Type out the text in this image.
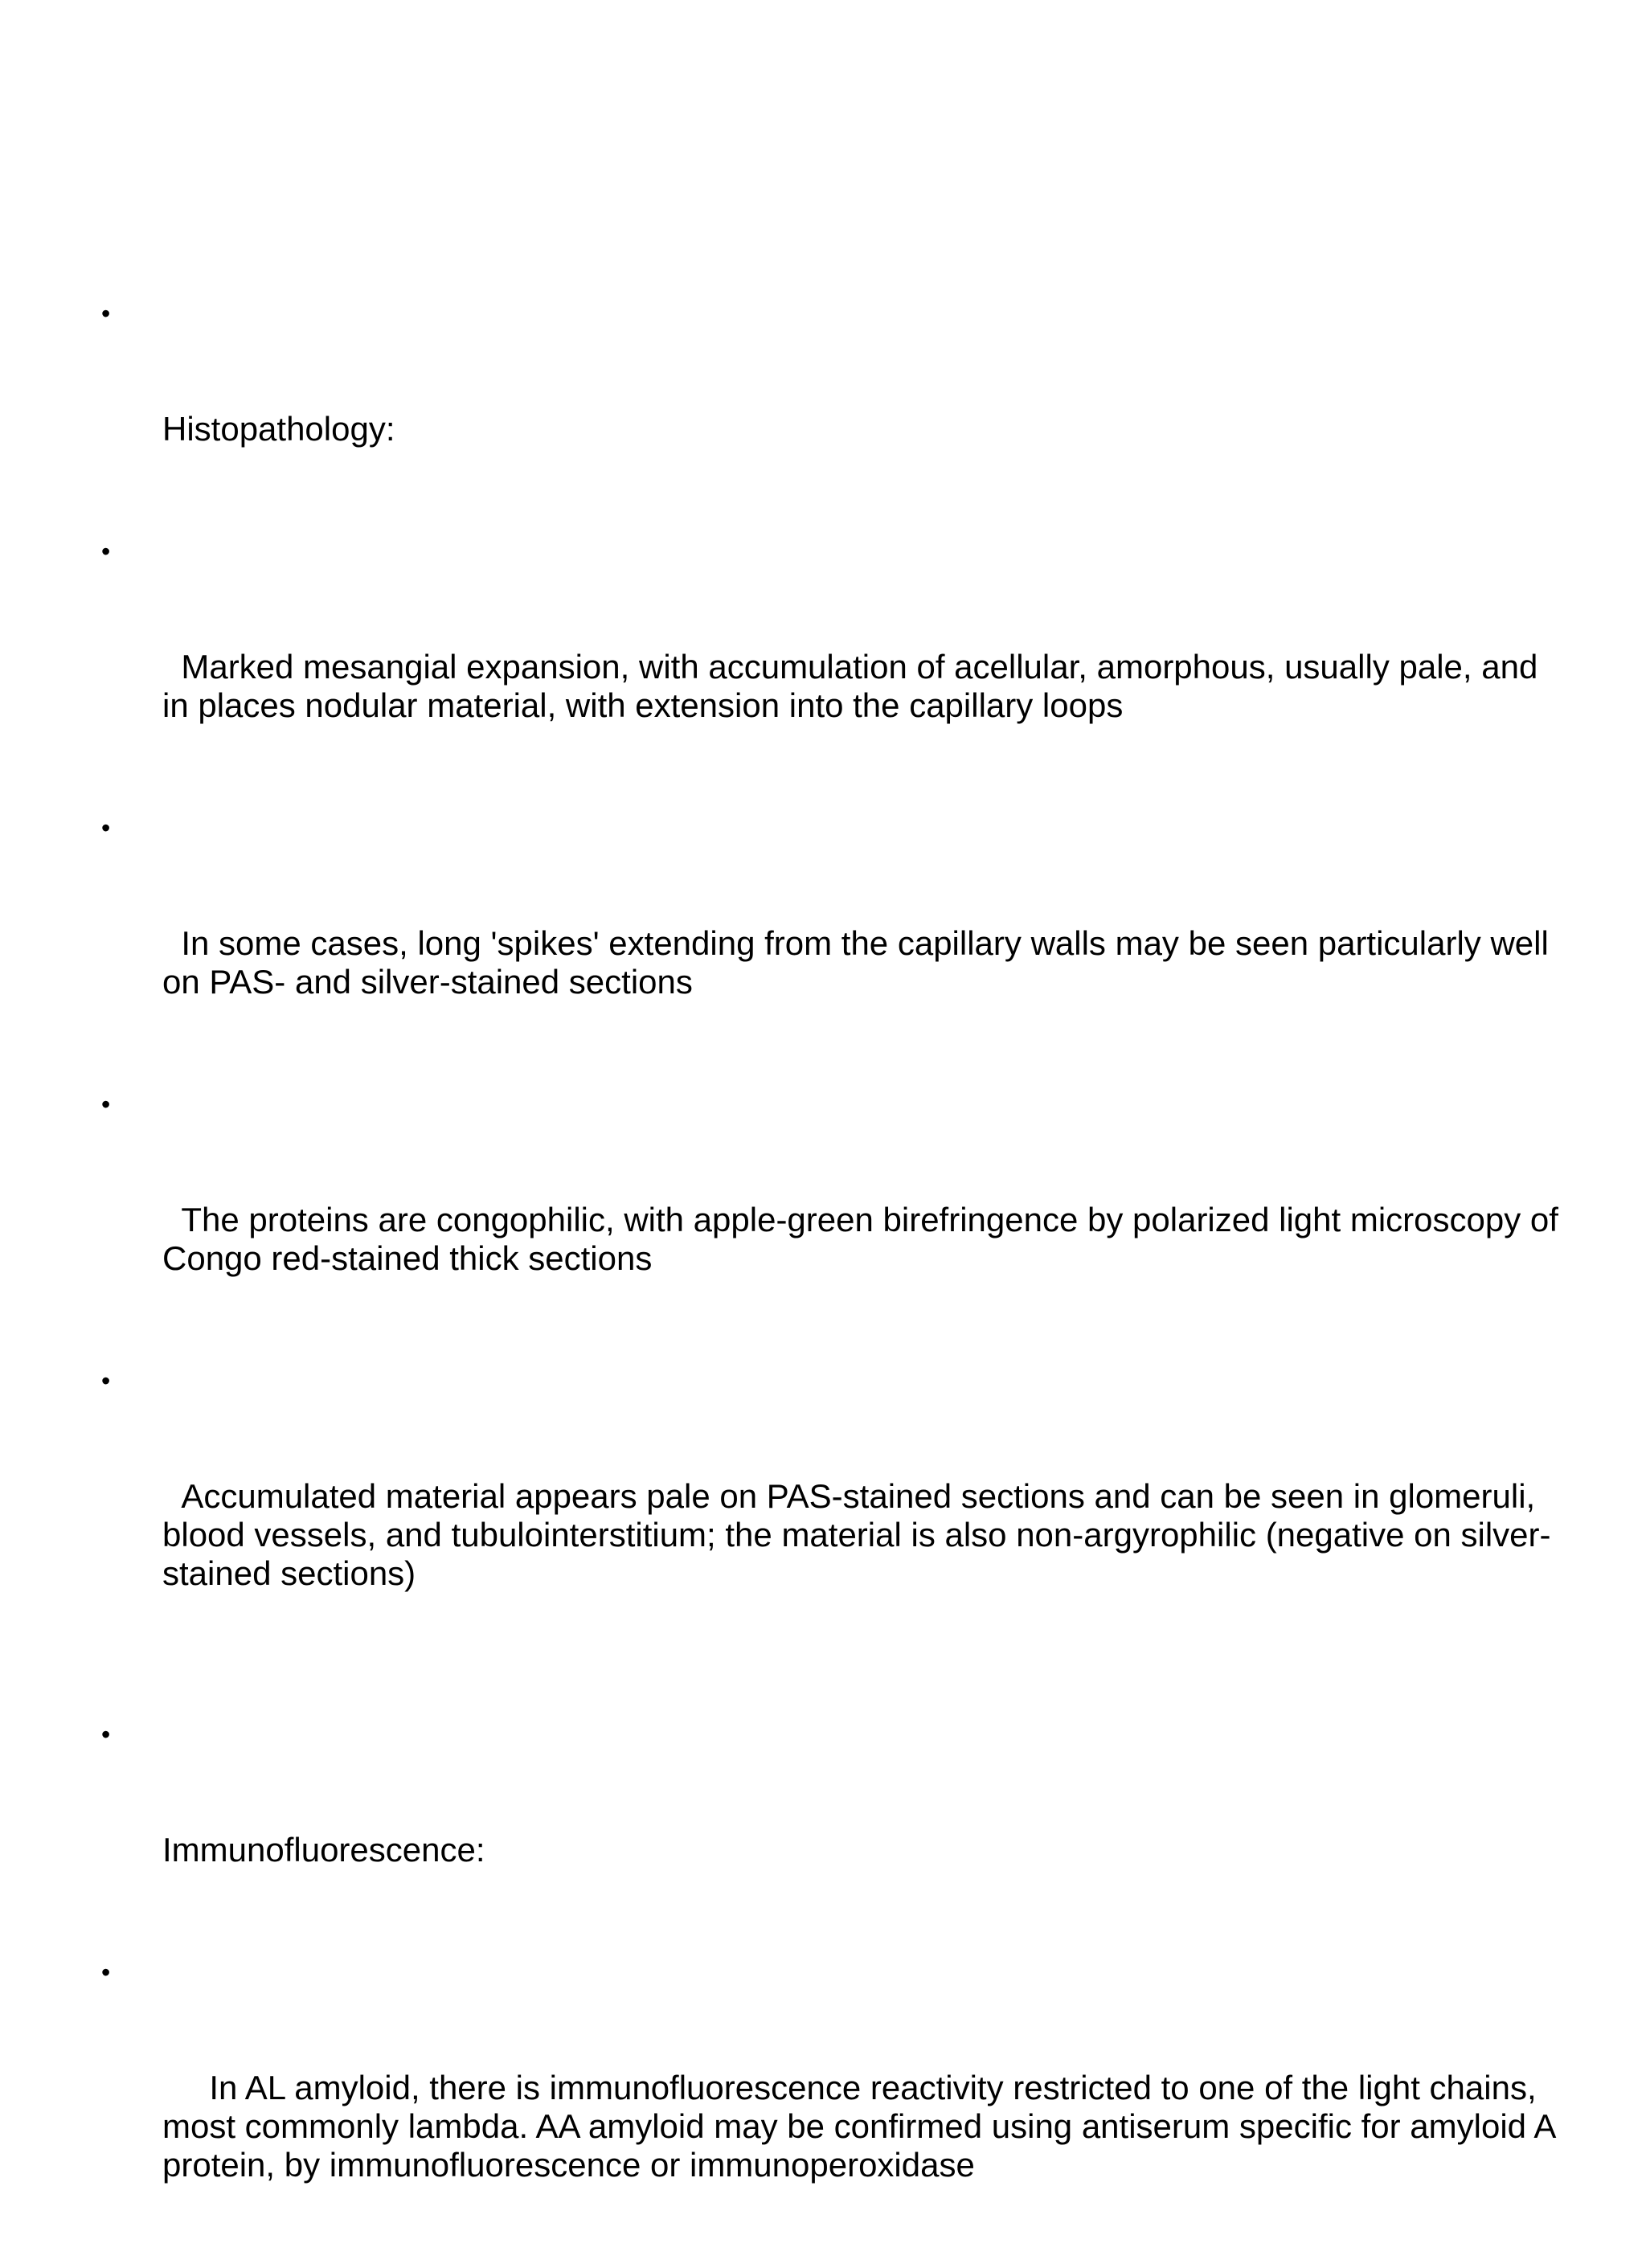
•

Histopathology:

•

Marked mesangial expansion, with accumulation of acellular, amorphous, usually pale, and in places nodular material, with extension into the capillary loops

•

In some cases, long 'spikes' extending from the capillary walls may be seen particularly well on PAS- and silver-stained sections

•

The proteins are congophilic, with apple-green birefringence by polarized light microscopy of Congo red-stained thick sections

•

Accumulated material appears pale on PAS-stained sections and can be seen in glomeruli, blood vessels, and tubulointerstitium; the material is also non-argyrophilic (negative on silver-stained sections)

•

Immunofluorescence:

•

In AL amyloid, there is immunofluorescence reactivity restricted to one of the light chains, most commonly lambda. AA amyloid may be confirmed using antiserum specific for amyloid A protein, by immunofluorescence or immunoperoxidase
